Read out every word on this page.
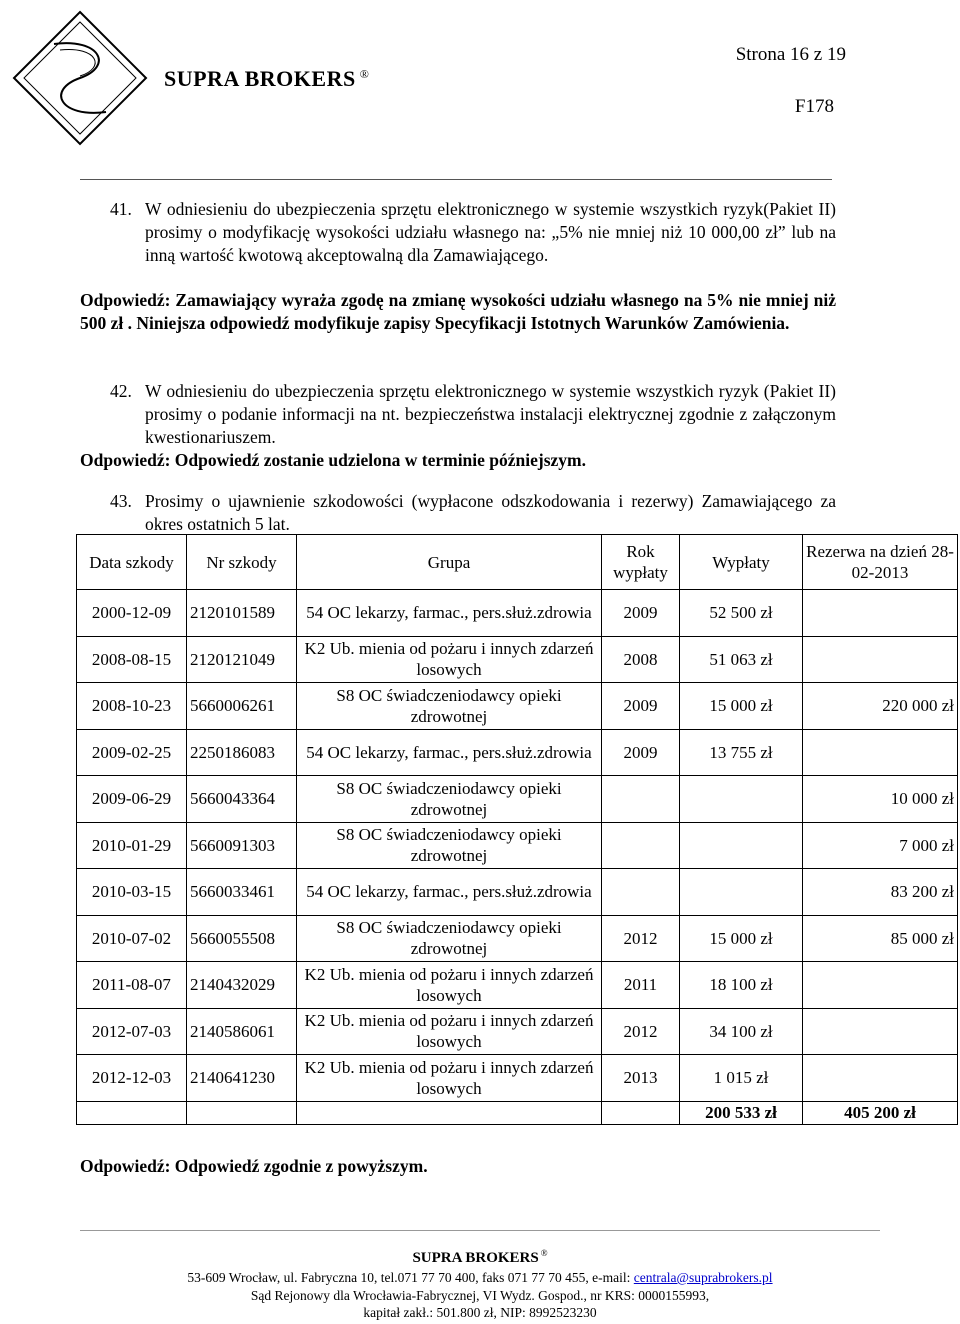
SUPRA BROKERS ®
Strona 16 z 19
F178
41. W odniesieniu do ubezpieczenia sprzętu elektronicznego w systemie wszystkich ryzyk(Pakiet II) prosimy o modyfikację wysokości udziału własnego na: „5% nie mniej niż 10 000,00 zł” lub na inną wartość kwotową akceptowalną dla Zamawiającego.
Odpowiedź: Zamawiający wyraża zgodę na zmianę wysokości udziału własnego na 5% nie mniej niż 500 zł . Niniejsza odpowiedź modyfikuje zapisy Specyfikacji Istotnych Warunków Zamówienia.
42. W odniesieniu do ubezpieczenia sprzętu elektronicznego w systemie wszystkich ryzyk (Pakiet II) prosimy o podanie informacji na nt. bezpieczeństwa instalacji elektrycznej zgodnie z załączonym kwestionariuszem.
Odpowiedź: Odpowiedź zostanie udzielona w terminie późniejszym.
43. Prosimy o ujawnienie szkodowości (wypłacone odszkodowania i rezerwy) Zamawiającego za okres ostatnich 5 lat.
Data szkody	Nr szkody	Grupa	Rok wypłaty	Wypłaty	Rezerwa na dzień 28-02-2013
2000-12-09	2120101589	54 OC lekarzy, farmac., pers.służ.zdrowia	2009	52 500 zł	
2008-08-15	2120121049	K2 Ub. mienia od pożaru i innych zdarzeń losowych	2008	51 063 zł	
2008-10-23	5660006261	S8 OC świadczeniodawcy opieki zdrowotnej	2009	15 000 zł	220 000 zł
2009-02-25	2250186083	54 OC lekarzy, farmac., pers.służ.zdrowia	2009	13 755 zł	
2009-06-29	5660043364	S8 OC świadczeniodawcy opieki zdrowotnej			10 000 zł
2010-01-29	5660091303	S8 OC świadczeniodawcy opieki zdrowotnej			7 000 zł
2010-03-15	5660033461	54 OC lekarzy, farmac., pers.służ.zdrowia			83 200 zł
2010-07-02	5660055508	S8 OC świadczeniodawcy opieki zdrowotnej	2012	15 000 zł	85 000 zł
2011-08-07	2140432029	K2 Ub. mienia od pożaru i innych zdarzeń losowych	2011	18 100 zł	
2012-07-03	2140586061	K2 Ub. mienia od pożaru i innych zdarzeń losowych	2012	34 100 zł	
2012-12-03	2140641230	K2 Ub. mienia od pożaru i innych zdarzeń losowych	2013	1 015 zł	
				200 533 zł	405 200 zł
Odpowiedź: Odpowiedź zgodnie z powyższym.
SUPRA BROKERS ®
53-609 Wrocław, ul. Fabryczna 10, tel.071 77 70 400, faks 071 77 70 455, e-mail: centrala@suprabrokers.pl
Sąd Rejonowy dla Wrocławia-Fabrycznej, VI Wydz. Gospod., nr KRS: 0000155993,
kapitał zakł.: 501.800 zł, NIP: 8992523230
